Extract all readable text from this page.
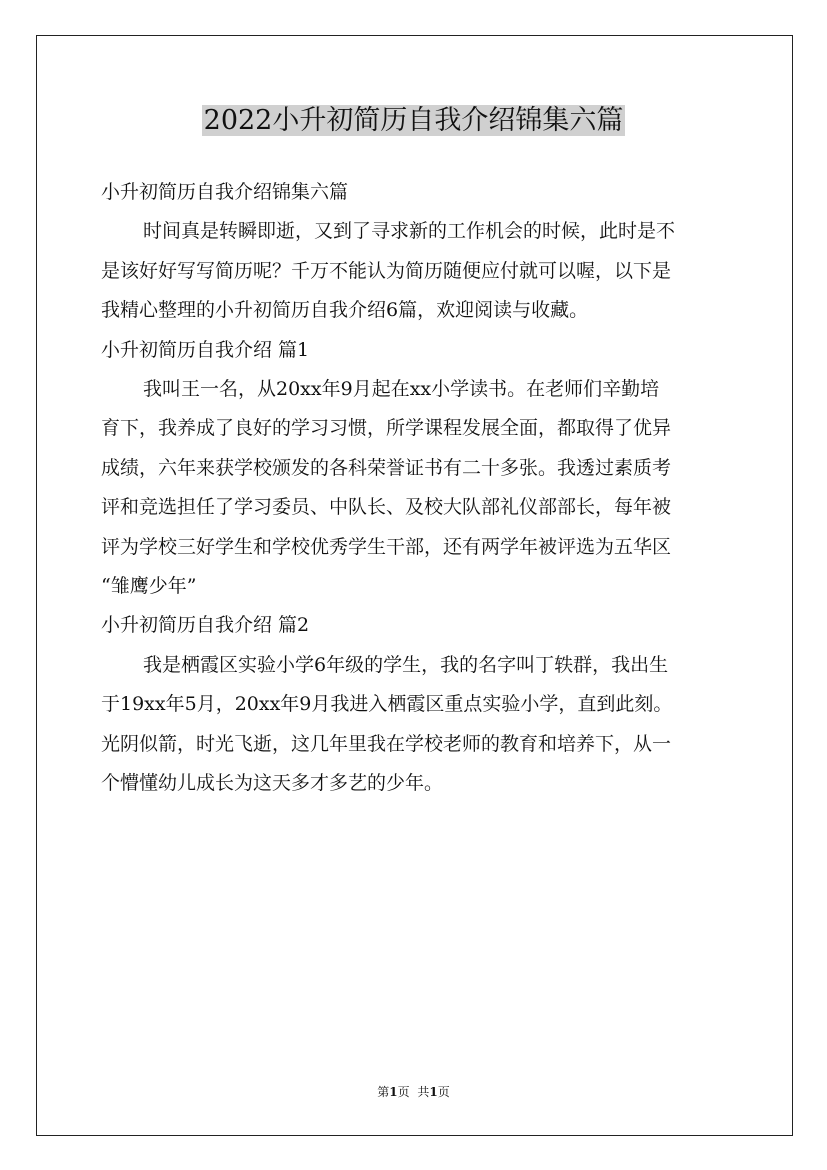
2022小升初简历自我介绍锦集六篇

小升初简历自我介绍锦集六篇

时间真是转瞬即逝，又到了寻求新的工作机会的时候，此时是不

是该好好写写简历呢？千万不能认为简历随便应付就可以喔，以下是

我精心整理的小升初简历自我介绍6篇，欢迎阅读与收藏。

小升初简历自我介绍 篇1

我叫王一名，从20xx年9月起在xx小学读书。在老师们辛勤培

育下，我养成了良好的学习习惯，所学课程发展全面，都取得了优异

成绩，六年来获学校颁发的各科荣誉证书有二十多张。我透过素质考

评和竞选担任了学习委员、中队长、及校大队部礼仪部部长，每年被

评为学校三好学生和学校优秀学生干部，还有两学年被评选为五华区

“雏鹰少年”

小升初简历自我介绍 篇2

我是栖霞区实验小学6年级的学生，我的名字叫丁轶群，我出生

于19xx年5月，20xx年9月我进入栖霞区重点实验小学，直到此刻。

光阴似箭，时光飞逝，这几年里我在学校老师的教育和培养下，从一

个懵懂幼儿成长为这天多才多艺的少年。

第1页 共1页
